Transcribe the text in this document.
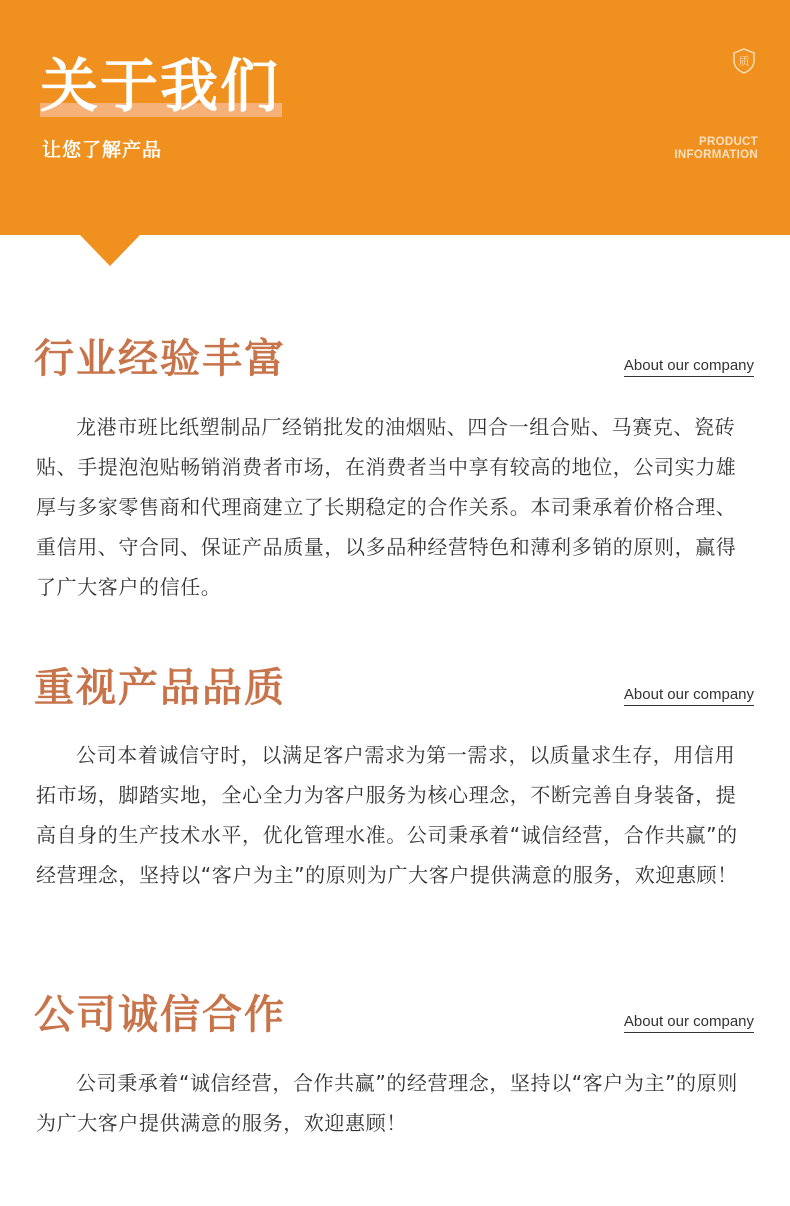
关于我们
让您了解产品	PRODUCT
INFORMATION
质
行业经验丰富	About our company

龙港市班比纸塑制品厂经销批发的油烟贴、四合一组合贴、马赛克、瓷砖贴、手提泡泡贴畅销消费者市场，在消费者当中享有较高的地位，公司实力雄厚与多家零售商和代理商建立了长期稳定的合作关系。本司秉承着价格合理、重信用、守合同、保证产品质量，以多品种经营特色和薄利多销的原则，赢得了广大客户的信任。

重视产品品质	About our company

公司本着诚信守时，以满足客户需求为第一需求，以质量求生存，用信用拓市场，脚踏实地，全心全力为客户服务为核心理念，不断完善自身装备，提高自身的生产技术水平，优化管理水准。公司秉承着“诚信经营，合作共赢”的经营理念，坚持以“客户为主”的原则为广大客户提供满意的服务，欢迎惠顾！

公司诚信合作	About our company

公司秉承着“诚信经营，合作共赢”的经营理念，坚持以“客户为主”的原则为广大客户提供满意的服务，欢迎惠顾！
